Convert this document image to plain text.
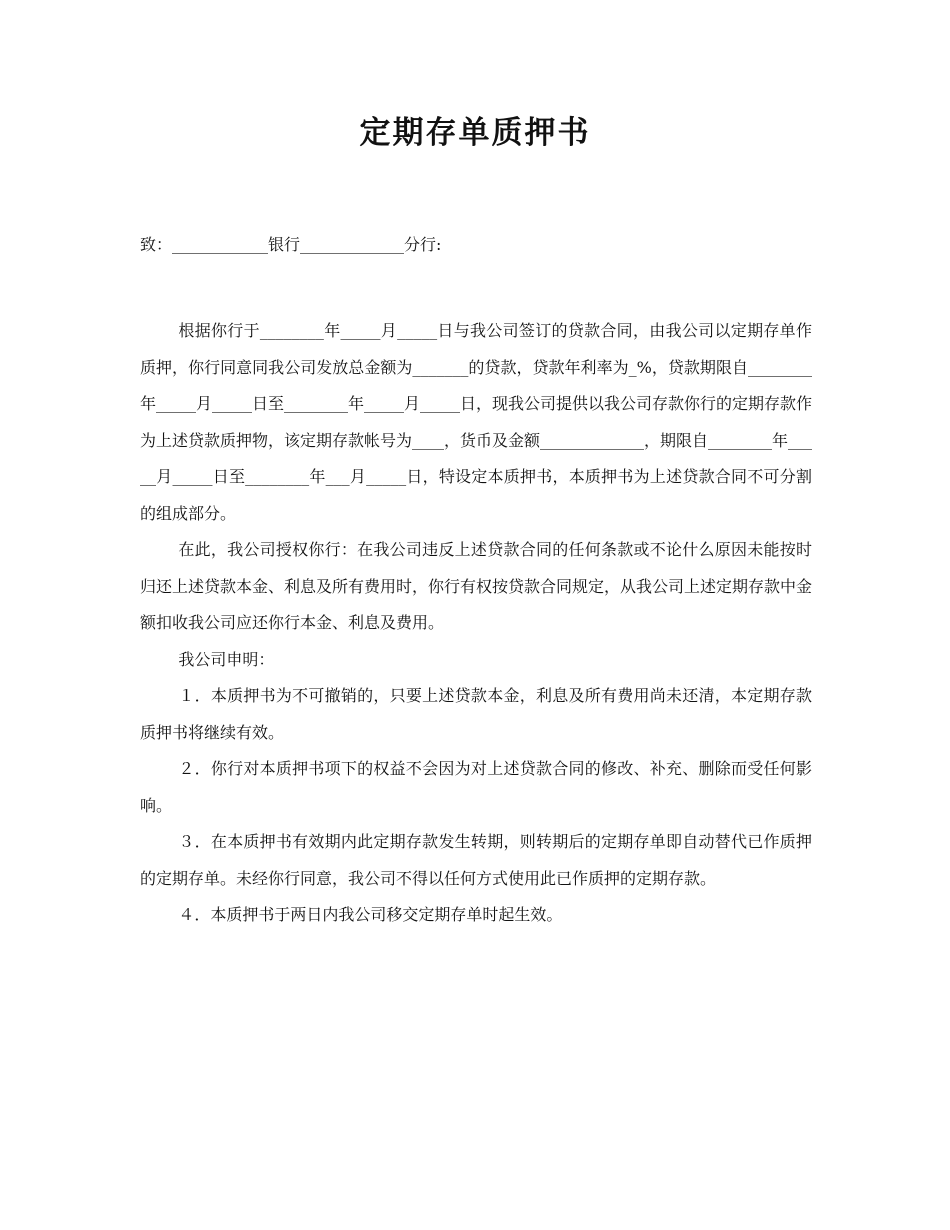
定期存单质押书
致：____________银行_____________分行:

根据你行于________年_____月_____日与我公司签订的贷款合同，由我公司以定期存单作质押，你行同意同我公司发放总金额为_______的贷款，贷款年利率为_%，贷款期限自________年_____月_____日至________年_____月_____日，现我公司提供以我公司存款你行的定期存款作为上述贷款质押物，该定期存款帐号为____，货币及金额_____________，期限自________年_____月_____日至________年___月_____日，特设定本质押书，本质押书为上述贷款合同不可分割的组成部分。

在此，我公司授权你行：在我公司违反上述贷款合同的任何条款或不论什么原因未能按时归还上述贷款本金、利息及所有费用时，你行有权按贷款合同规定，从我公司上述定期存款中金额扣收我公司应还你行本金、利息及费用。

我公司申明：

１．本质押书为不可撤销的，只要上述贷款本金，利息及所有费用尚未还清，本定期存款质押书将继续有效。

２．你行对本质押书项下的权益不会因为对上述贷款合同的修改、补充、删除而受任何影响。

３．在本质押书有效期内此定期存款发生转期，则转期后的定期存单即自动替代已作质押的定期存单。未经你行同意，我公司不得以任何方式使用此已作质押的定期存款。

４．本质押书于两日内我公司移交定期存单时起生效。
